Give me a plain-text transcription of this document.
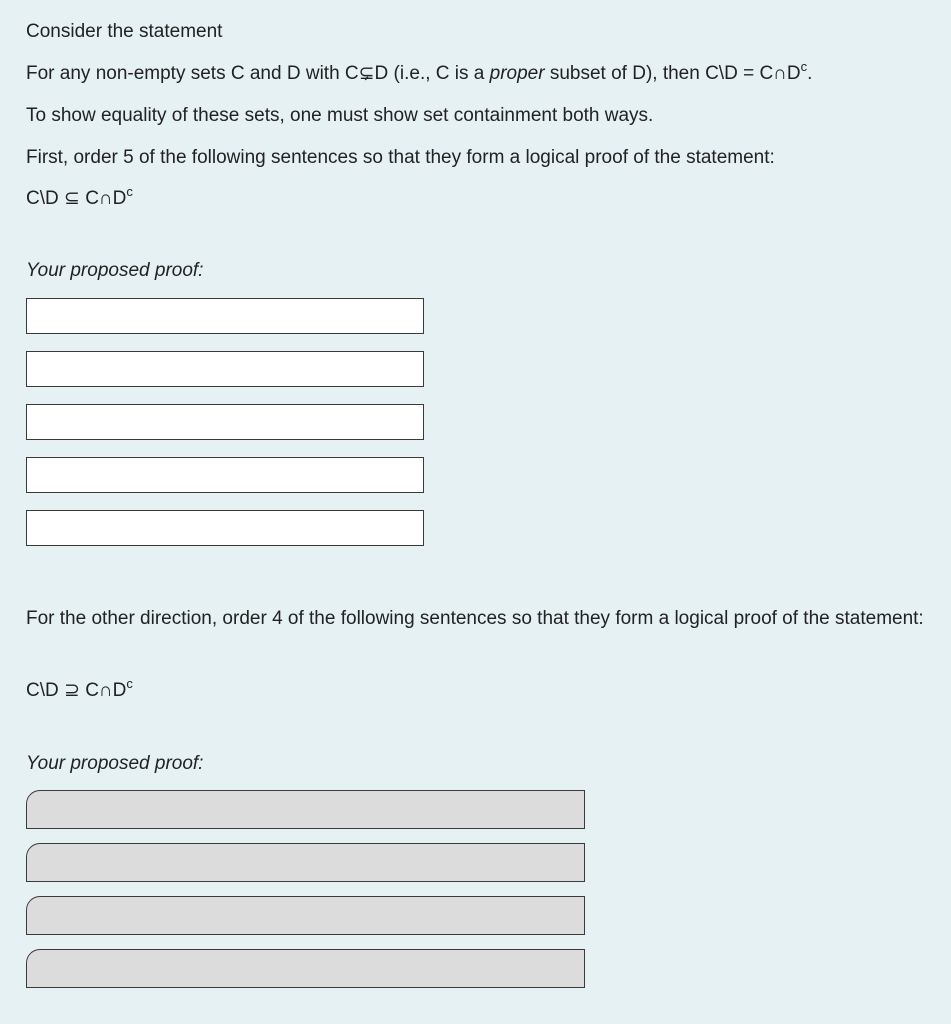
Consider the statement
For any non-empty sets C and D with C⊊D (i.e., C is a proper subset of D), then C\D = $C\cap D^c$.
To show equality of these sets, one must show set containment both ways.
First, order 5 of the following sentences so that they form a logical proof of the statement:
C\D ⊆ $C\cap D^c$
Your proposed proof:
For the other direction, order 4 of the following sentences so that they form a logical proof of the statement:
C\D ⊇ $C\cap D^c$
Your proposed proof:
